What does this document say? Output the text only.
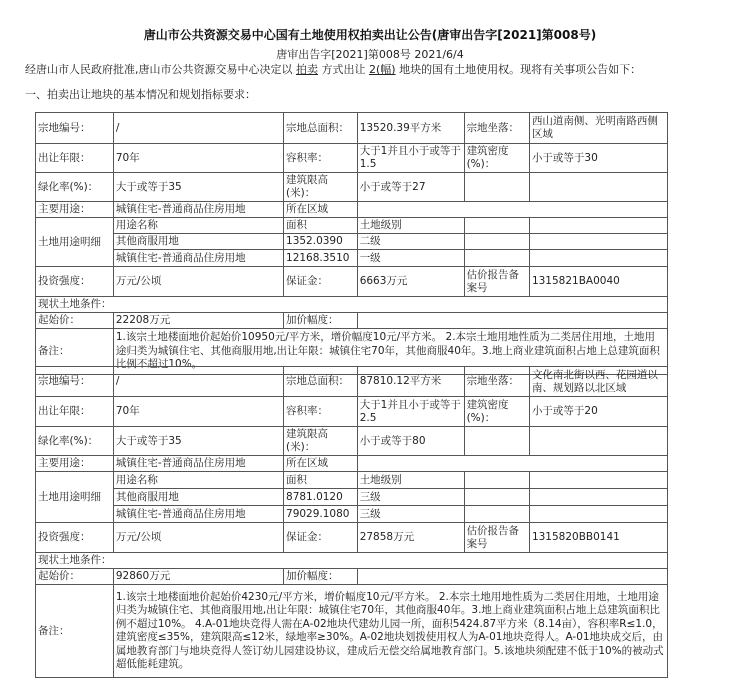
唐山市公共资源交易中心国有土地使用权拍卖出让公告(唐审出告字[2021]第008号)
唐审出告字[2021]第008号 2021/6/4
经唐山市人民政府批准,唐山市公共资源交易中心决定以 拍卖 方式出让 2(幅) 地块的国有土地使用权。现将有关事项公告如下：
一、拍卖出让地块的基本情况和规划指标要求：
宗地编号：	/	宗地总面积：	13520.39平方米	宗地坐落：	西山道南侧、光明南路西侧区域
出让年限：	70年	容积率：	大于1并且小于或等于1.5	建筑密度(%)：	小于或等于30
绿化率(%)：	大于或等于35	建筑限高(米)：	小于或等于27		
主要用途：	城镇住宅-普通商品住房用地	所在区域			
土地用途明细	用途名称	面积	土地级别		
	其他商服用地	1352.0390	二级		
	城镇住宅-普通商品住房用地	12168.3510	一级		
投资强度：	万元/公顷	保证金：	6663万元	估价报告备案号	1315821BA0040
现状土地条件：					
起始价：	22208万元	加价幅度：			
备注：	1.该宗土地楼面地价起始价10950元/平方米，增价幅度10元/平方米。 2.本宗土地用地性质为二类居住用地，土地用途归类为城镇住宅、其他商服用地,出让年限：城镇住宅70年，其他商服40年。3.地上商业建筑面积占地上总建筑面积比例不超过10%。				
宗地编号：	/	宗地总面积：	87810.12平方米	宗地坐落：	文化南北街以西、花园道以南、规划路以北区域
出让年限：	70年	容积率：	大于1并且小于或等于2.5	建筑密度(%)：	小于或等于20
绿化率(%)：	大于或等于35	建筑限高(米)：	小于或等于80		
主要用途：	城镇住宅-普通商品住房用地	所在区域			
土地用途明细	用途名称	面积	土地级别		
	其他商服用地	8781.0120	三级		
	城镇住宅-普通商品住房用地	79029.1080	三级		
投资强度：	万元/公顷	保证金：	27858万元	估价报告备案号	1315820BB0141
现状土地条件：					
起始价：	92860万元	加价幅度：			
备注：	1.该宗土地楼面地价起始价4230元/平方米，增价幅度10元/平方米。 2.本宗土地用地性质为二类居住用地，土地用途归类为城镇住宅、其他商服用地,出让年限：城镇住宅70年，其他商服40年。3.地上商业建筑面积占地上总建筑面积比例不超过10%。 4.A-01地块竞得人需在A-02地块代建幼儿园一所，面积5424.87平方米（8.14亩），容积率R≤1.0，建筑密度≤35%，建筑限高≤12米，绿地率≥30%。A-02地块划拨使用权人为A-01地块竞得人。A-01地块成交后，由属地教育部门与地块竞得人签订幼儿园建设协议，建成后无偿交给属地教育部门。5.该地块须配建不低于10%的被动式超低能耗建筑。				
